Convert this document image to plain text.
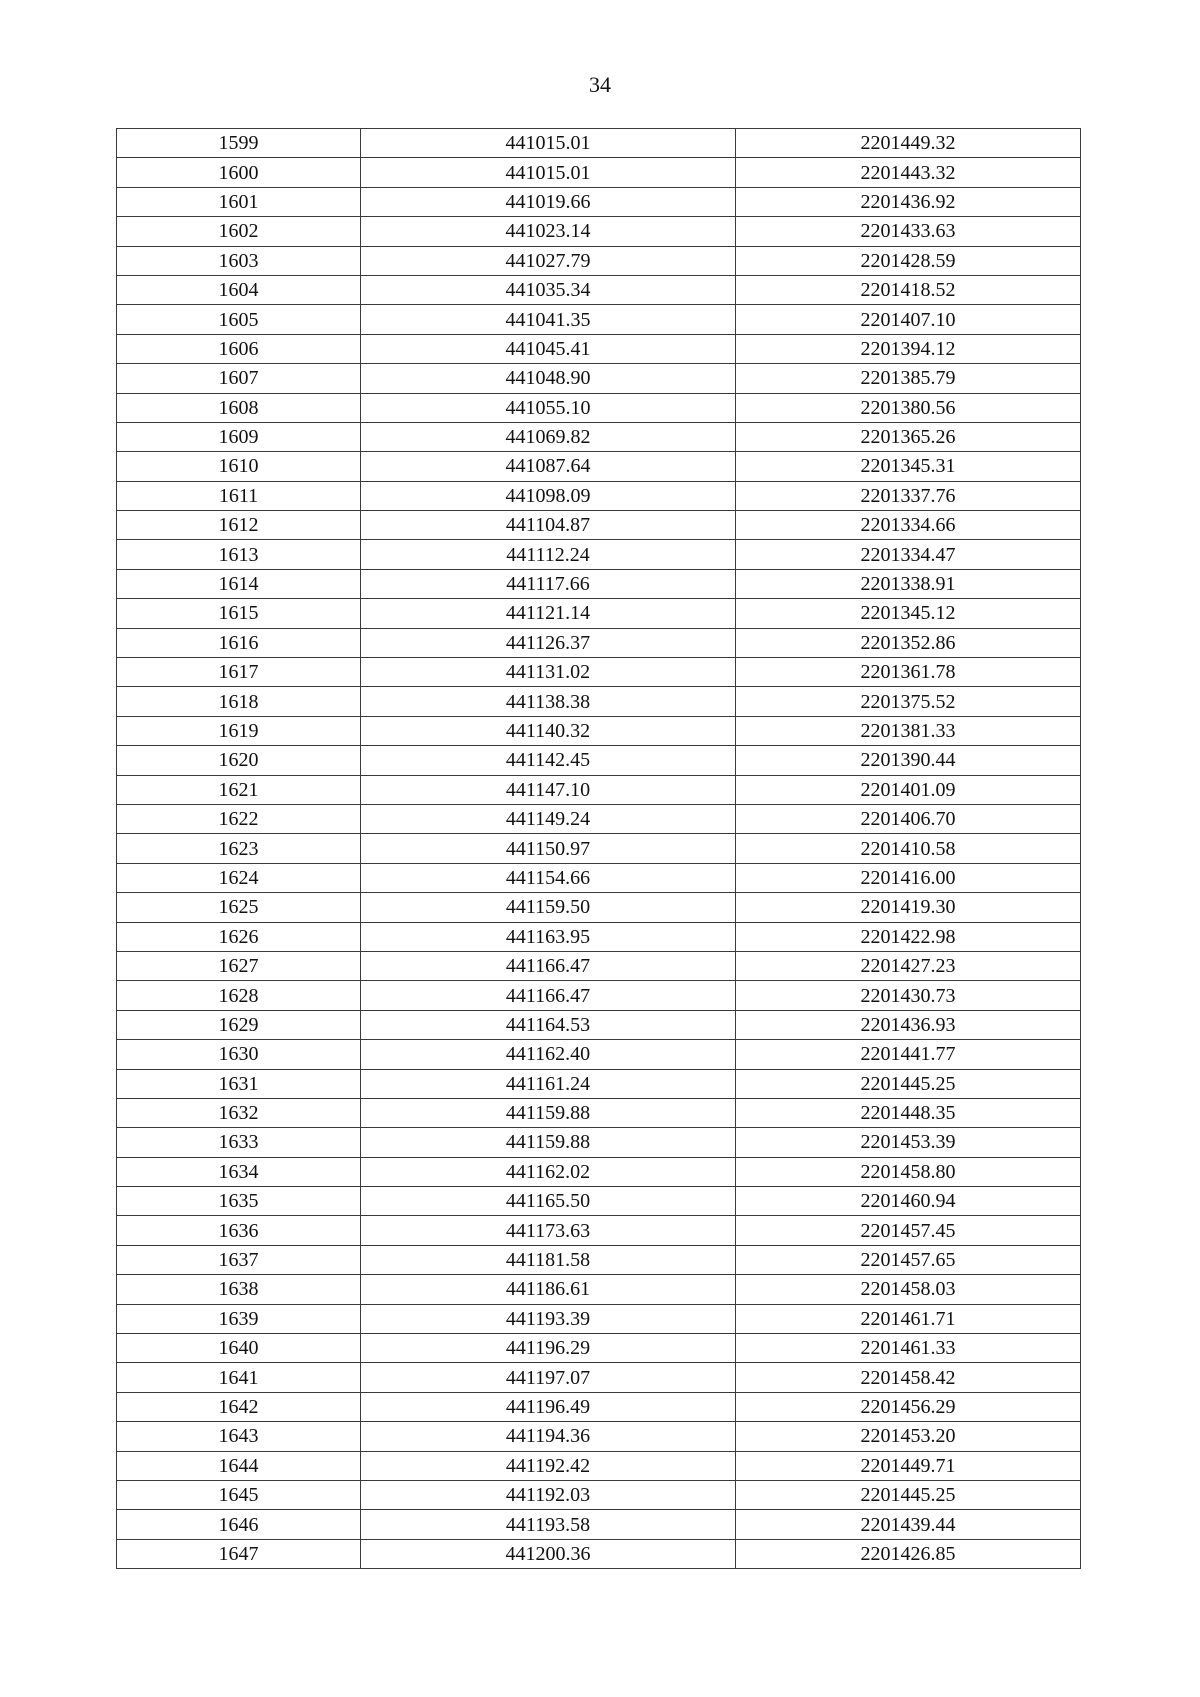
34
1599	441015.01	2201449.32
1600	441015.01	2201443.32
1601	441019.66	2201436.92
1602	441023.14	2201433.63
1603	441027.79	2201428.59
1604	441035.34	2201418.52
1605	441041.35	2201407.10
1606	441045.41	2201394.12
1607	441048.90	2201385.79
1608	441055.10	2201380.56
1609	441069.82	2201365.26
1610	441087.64	2201345.31
1611	441098.09	2201337.76
1612	441104.87	2201334.66
1613	441112.24	2201334.47
1614	441117.66	2201338.91
1615	441121.14	2201345.12
1616	441126.37	2201352.86
1617	441131.02	2201361.78
1618	441138.38	2201375.52
1619	441140.32	2201381.33
1620	441142.45	2201390.44
1621	441147.10	2201401.09
1622	441149.24	2201406.70
1623	441150.97	2201410.58
1624	441154.66	2201416.00
1625	441159.50	2201419.30
1626	441163.95	2201422.98
1627	441166.47	2201427.23
1628	441166.47	2201430.73
1629	441164.53	2201436.93
1630	441162.40	2201441.77
1631	441161.24	2201445.25
1632	441159.88	2201448.35
1633	441159.88	2201453.39
1634	441162.02	2201458.80
1635	441165.50	2201460.94
1636	441173.63	2201457.45
1637	441181.58	2201457.65
1638	441186.61	2201458.03
1639	441193.39	2201461.71
1640	441196.29	2201461.33
1641	441197.07	2201458.42
1642	441196.49	2201456.29
1643	441194.36	2201453.20
1644	441192.42	2201449.71
1645	441192.03	2201445.25
1646	441193.58	2201439.44
1647	441200.36	2201426.85
